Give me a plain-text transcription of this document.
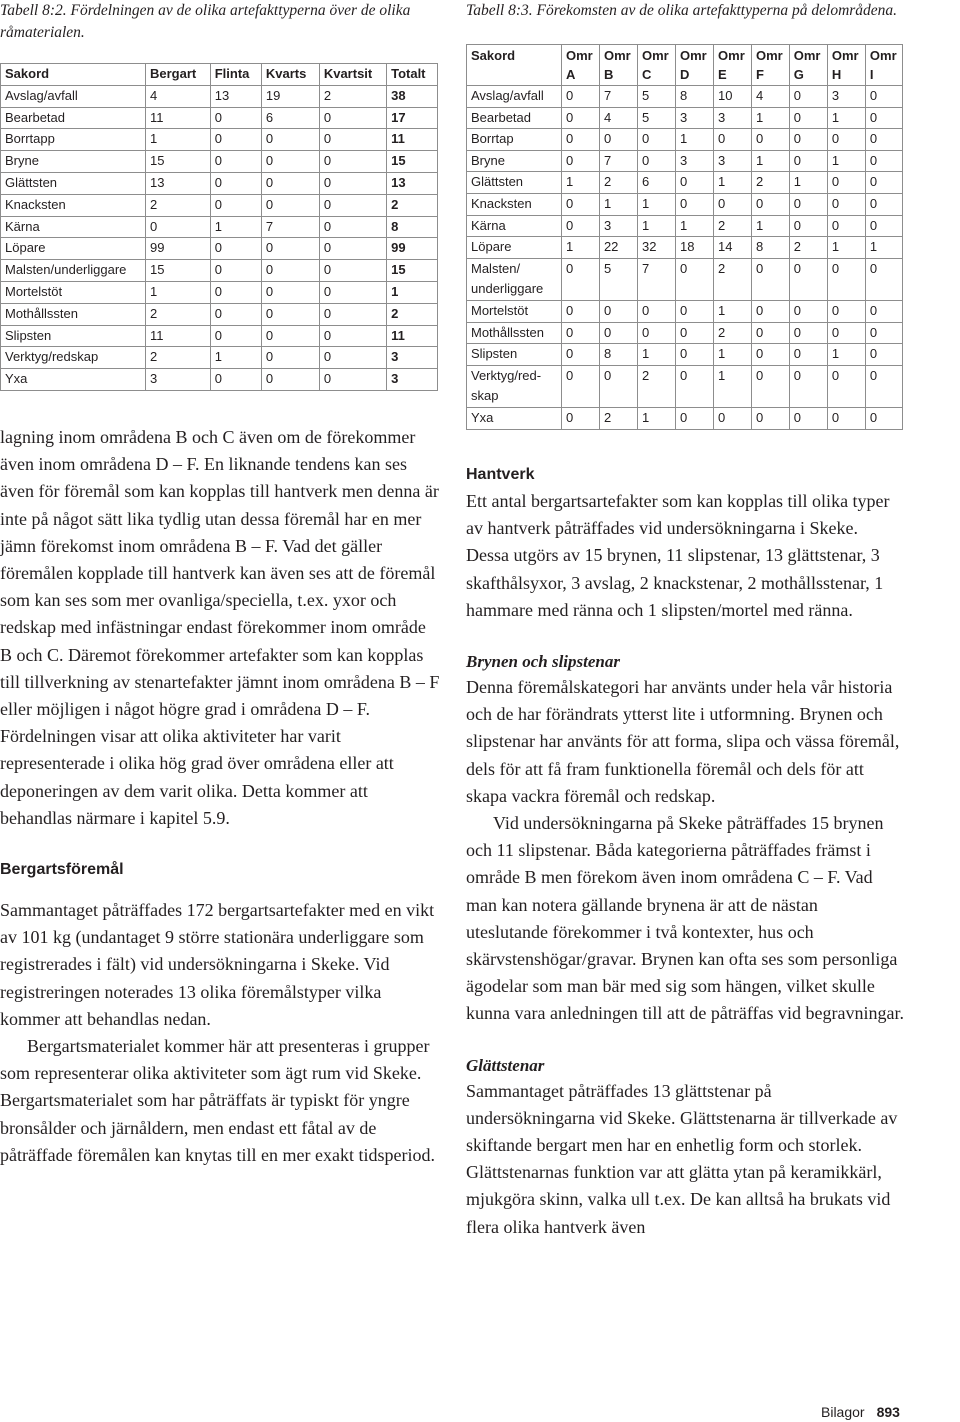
Tabell 8:2. Fördelningen av de olika artefakttyperna över de olika råmaterialen.

Sakord	Bergart	Flinta	Kvarts	Kvartsit	Totalt
Avslag/avfall	4	13	19	2	38
Bearbetad	11	0	6	0	17
Borrtapp	1	0	0	0	11
Bryne	15	0	0	0	15
Glättsten	13	0	0	0	13
Knacksten	2	0	0	0	2
Kärna	0	1	7	0	8
Löpare	99	0	0	0	99
Malsten/underliggare	15	0	0	0	15
Mortelstöt	1	0	0	0	1
Mothållssten	2	0	0	0	2
Slipsten	11	0	0	0	11
Verktyg/redskap	2	1	0	0	3
Yxa	3	0	0	0	3

lagning inom områdena B och C även om de förekommer även inom områdena D – F. En liknande tendens kan ses även för föremål som kan kopplas till hantverk men denna är inte på något sätt lika tydlig utan dessa föremål har en mer jämn förekomst inom områdena B – F. Vad det gäller föremålen kopplade till hantverk kan även ses att de föremål som kan ses som mer ovanliga/speciella, t.ex. yxor och redskap med infästningar endast förekommer inom område B och C. Däremot förekommer artefakter som kan kopplas till tillverkning av stenartefakter jämnt inom områdena B – F eller möjligen i något högre grad i områdena D – F. Fördelningen visar att olika aktiviteter har varit representerade i olika hög grad över områdena eller att deponeringen av dem varit olika. Detta kommer att behandlas närmare i kapitel 5.9.

Bergartsföremål

Sammantaget påträffades 172 bergartsartefakter med en vikt av 101 kg (undantaget 9 större stationära underliggare som registrerades i fält) vid undersökningarna i Skeke. Vid registreringen noterades 13 olika föremålstyper vilka kommer att behandlas nedan.

Bergartsmaterialet kommer här att presenteras i grupper som representerar olika aktiviteter som ägt rum vid Skeke. Bergartsmaterialet som har påträffats är typiskt för yngre bronsålder och järnåldern, men endast ett fåtal av de påträffade föremålen kan knytas till en mer exakt tidsperiod.

Tabell 8:3. Förekomsten av de olika artefakttyperna på delområdena.

Sakord	Omr A	Omr B	Omr C	Omr D	Omr E	Omr F	Omr G	Omr H	Omr I
Avslag/avfall	0	7	5	8	10	4	0	3	0
Bearbetad	0	4	5	3	3	1	0	1	0
Borrtap	0	0	0	1	0	0	0	0	0
Bryne	0	7	0	3	3	1	0	1	0
Glättsten	1	2	6	0	1	2	1	0	0
Knacksten	0	1	1	0	0	0	0	0	0
Kärna	0	3	1	1	2	1	0	0	0
Löpare	1	22	32	18	14	8	2	1	1
Malsten/ underliggare	0	5	7	0	2	0	0	0	0
Mortelstöt	0	0	0	0	1	0	0	0	0
Mothållssten	0	0	0	0	2	0	0	0	0
Slipsten	0	8	1	0	1	0	0	1	0
Verktyg/red-skap	0	0	2	0	1	0	0	0	0
Yxa	0	2	1	0	0	0	0	0	0
Hantverk

Ett antal bergartsartefakter som kan kopplas till olika typer av hantverk påträffades vid undersökningarna i Skeke. Dessa utgörs av 15 brynen, 11 slipstenar, 13 glättstenar, 3 skafthålsyxor, 3 avslag, 2 knackstenar, 2 mothållsstenar, 1 hammare med ränna och 1 slipsten/mortel med ränna.

Brynen och slipstenar

Denna föremålskategori har använts under hela vår historia och de har förändrats ytterst lite i utformning. Brynen och slipstenar har använts för att forma, slipa och vässa föremål, dels för att få fram funktionella föremål och dels för att skapa vackra föremål och redskap.

Vid undersökningarna på Skeke påträffades 15 brynen och 11 slipstenar. Båda kategorierna påträffades främst i område B men förekom även inom områdena C – F. Vad man kan notera gällande brynena är att de nästan uteslutande förekommer i två kontexter, hus och skärvstenshögar/gravar. Brynen kan ofta ses som personliga ägodelar som man bär med sig som hängen, vilket skulle kunna vara anledningen till att de påträffas vid begravningar.

Glättstenar

Sammantaget påträffades 13 glättstenar på undersökningarna vid Skeke. Glättstenarna är tillverkade av skiftande bergart men har en enhetlig form och storlek. Glättstenarnas funktion var att glätta ytan på keramikkärl, mjukgöra skinn, valka ull t.ex. De kan alltså ha brukats vid flera olika hantverk även

Bilagor 893
